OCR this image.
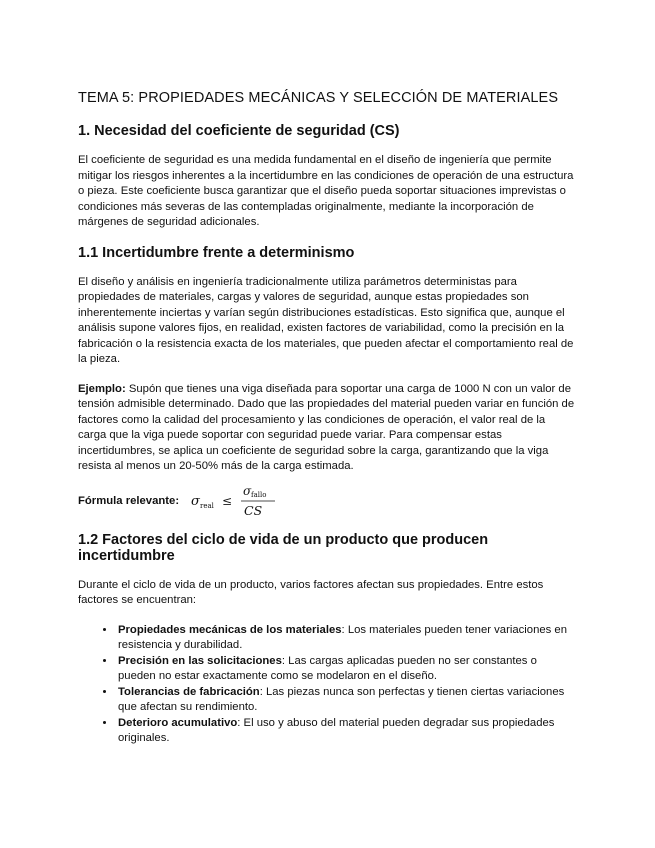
TEMA 5: PROPIEDADES MECÁNICAS Y SELECCIÓN DE MATERIALES
1. Necesidad del coeficiente de seguridad (CS)

El coeficiente de seguridad es una medida fundamental en el diseño de ingeniería que permite mitigar los riesgos inherentes a la incertidumbre en las condiciones de operación de una estructura o pieza. Este coeficiente busca garantizar que el diseño pueda soportar situaciones imprevistas o condiciones más severas de las contempladas originalmente, mediante la incorporación de márgenes de seguridad adicionales.

1.1 Incertidumbre frente a determinismo

El diseño y análisis en ingeniería tradicionalmente utiliza parámetros deterministas para propiedades de materiales, cargas y valores de seguridad, aunque estas propiedades son inherentemente inciertas y varían según distribuciones estadísticas. Esto significa que, aunque el análisis supone valores fijos, en realidad, existen factores de variabilidad, como la precisión en la fabricación o la resistencia exacta de los materiales, que pueden afectar el comportamiento real de la pieza.

Ejemplo: Supón que tienes una viga diseñada para soportar una carga de 1000 N con un valor de tensión admisible determinado. Dado que las propiedades del material pueden variar en función de factores como la calidad del procesamiento y las condiciones de operación, el valor real de la carga que la viga puede soportar con seguridad puede variar. Para compensar estas incertidumbres, se aplica un coeficiente de seguridad sobre la carga, garantizando que la viga resista al menos un 20-50% más de la carga estimada.

Fórmula relevante: σ real ≤
σ fallo
CS
1.2 Factores del ciclo de vida de un producto que producen incertidumbre

Durante el ciclo de vida de un producto, varios factores afectan sus propiedades. Entre estos factores se encuentran:

• Propiedades mecánicas de los materiales: Los materiales pueden tener variaciones en resistencia y durabilidad.
• Precisión en las solicitaciones: Las cargas aplicadas pueden no ser constantes o pueden no estar exactamente como se modelaron en el diseño.
• Tolerancias de fabricación: Las piezas nunca son perfectas y tienen ciertas variaciones que afectan su rendimiento.
• Deterioro acumulativo: El uso y abuso del material pueden degradar sus propiedades originales.
